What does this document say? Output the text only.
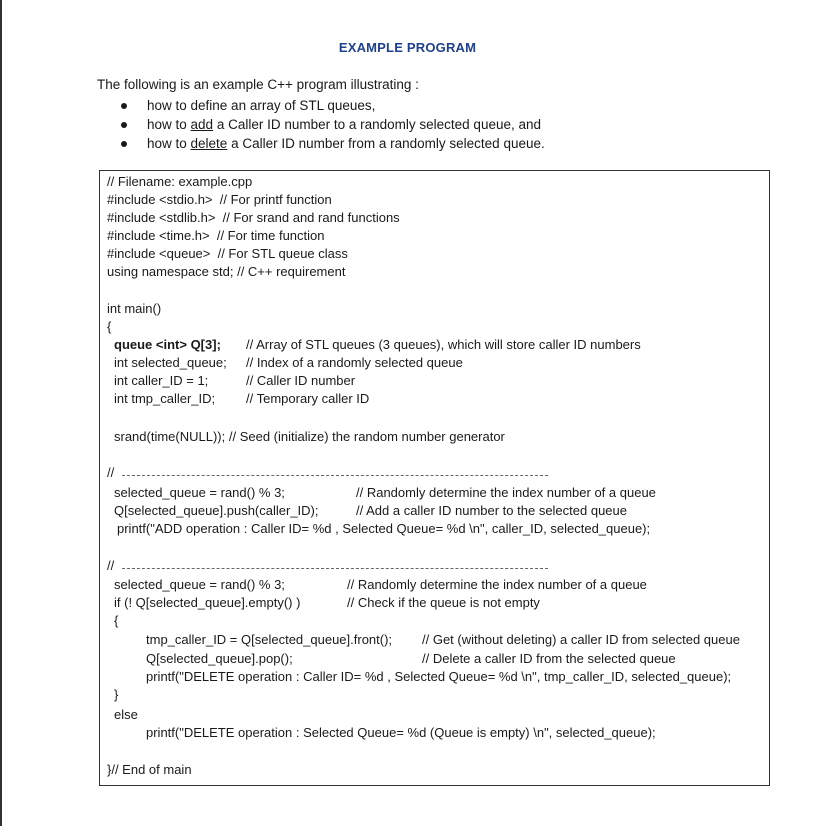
EXAMPLE PROGRAM
The following is an example C++ program illustrating :
how to define an array of STL queues,
how to add a Caller ID number to a randomly selected queue, and
how to delete a Caller ID number from a randomly selected queue.
// Filename: example.cpp
#include <stdio.h>  // For printf function
#include <stdlib.h>  // For srand and rand functions
#include <time.h>  // For time function
#include <queue>  // For STL queue class
using namespace std; // C++ requirement
int main()
{
queue <int> Q[3]; // Array of STL queues (3 queues), which will store caller ID numbers
int selected_queue; // Index of a randomly selected queue
int caller_ID = 1;	// Caller ID number
int tmp_caller_ID; // Temporary caller ID
srand(time(NULL)); // Seed (initialize) the random number generator
//
selected_queue = rand() % 3;	// Randomly determine the index number of a queue
Q[selected_queue].push(caller_ID);	// Add a caller ID number to the selected queue
printf("ADD operation : Caller ID= %d , Selected Queue= %d \n", caller_ID, selected_queue);
//
selected_queue = rand() % 3;	// Randomly determine the index number of a queue
if (! Q[selected_queue].empty() )	// Check if the queue is not empty
{
tmp_caller_ID = Q[selected_queue].front(); // Get (without deleting) a caller ID from selected queue
Q[selected_queue].pop();	// Delete a caller ID from the selected queue
printf("DELETE operation : Caller ID= %d , Selected Queue= %d \n", tmp_caller_ID, selected_queue);
}
else
printf("DELETE operation : Selected Queue= %d (Queue is empty) \n", selected_queue);
}// End of main
